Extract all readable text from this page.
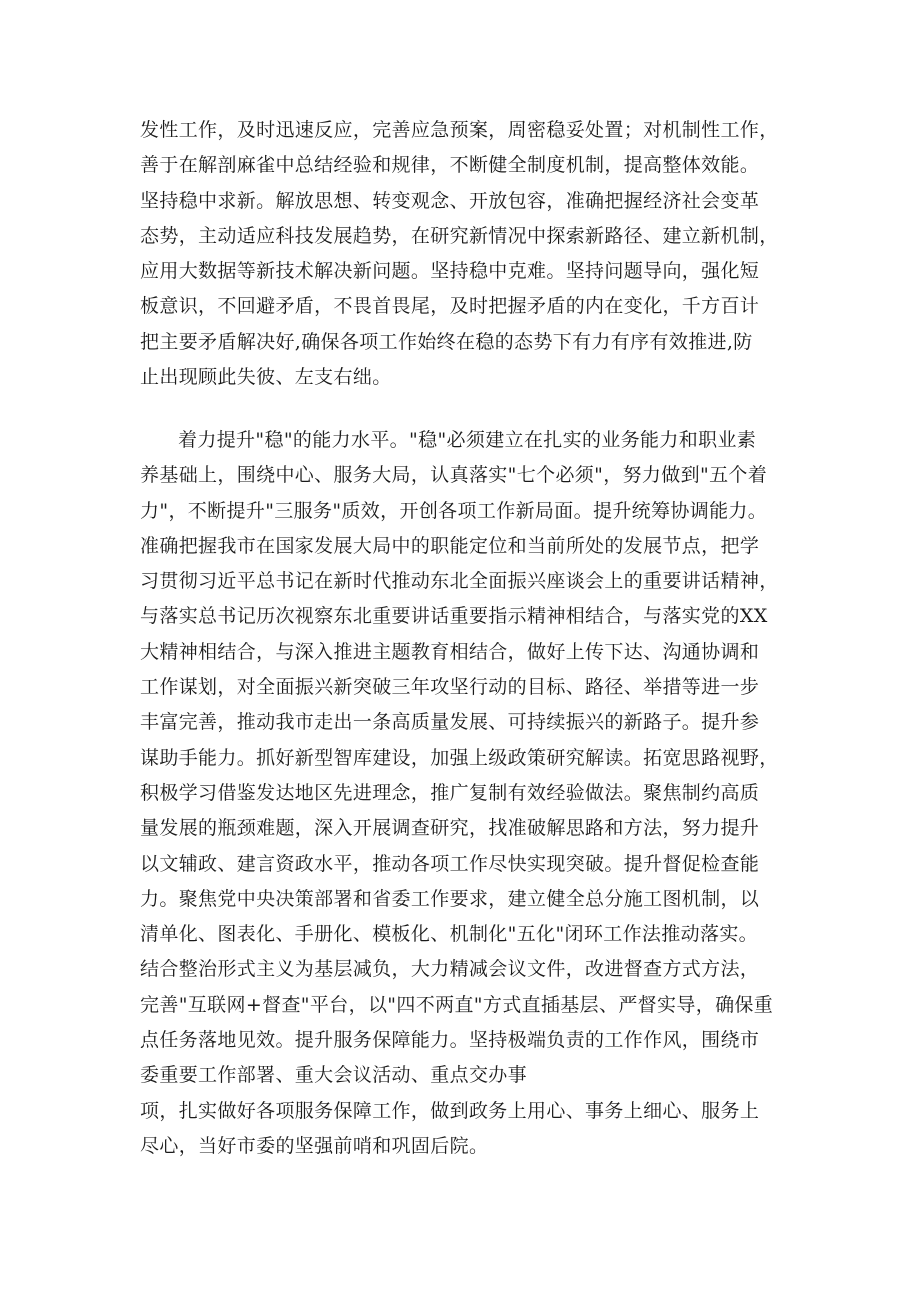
发性工作，及时迅速反应，完善应急预案，周密稳妥处置；对机制性工作，
善于在解剖麻雀中总结经验和规律，不断健全制度机制，提高整体效能。
坚持稳中求新。解放思想、转变观念、开放包容，准确把握经济社会变革
态势，主动适应科技发展趋势，在研究新情况中探索新路径、建立新机制，
应用大数据等新技术解决新问题。坚持稳中克难。坚持问题导向，强化短
板意识，不回避矛盾，不畏首畏尾，及时把握矛盾的内在变化，千方百计
把主要矛盾解决好,确保各项工作始终在稳的态势下有力有序有效推进,防
止出现顾此失彼、左支右绌。
着力提升"稳"的能力水平。"稳"必须建立在扎实的业务能力和职业素
养基础上，围绕中心、服务大局，认真落实"七个必须"，努力做到"五个着
力"，不断提升"三服务"质效，开创各项工作新局面。提升统筹协调能力。
准确把握我市在国家发展大局中的职能定位和当前所处的发展节点，把学
习贯彻习近平总书记在新时代推动东北全面振兴座谈会上的重要讲话精神，
与落实总书记历次视察东北重要讲话重要指示精神相结合，与落实党的XX
大精神相结合，与深入推进主题教育相结合，做好上传下达、沟通协调和
工作谋划，对全面振兴新突破三年攻坚行动的目标、路径、举措等进一步
丰富完善，推动我市走出一条高质量发展、可持续振兴的新路子。提升参
谋助手能力。抓好新型智库建设，加强上级政策研究解读。拓宽思路视野，
积极学习借鉴发达地区先进理念，推广复制有效经验做法。聚焦制约高质
量发展的瓶颈难题，深入开展调查研究，找准破解思路和方法，努力提升
以文辅政、建言资政水平，推动各项工作尽快实现突破。提升督促检查能
力。聚焦党中央决策部署和省委工作要求，建立健全总分施工图机制，以
清单化、图表化、手册化、模板化、机制化"五化"闭环工作法推动落实。
结合整治形式主义为基层减负，大力精减会议文件，改进督查方式方法，
完善"互联网+督查"平台，以"四不两直"方式直插基层、严督实导，确保重
点任务落地见效。提升服务保障能力。坚持极端负责的工作作风，围绕市
委重要工作部署、重大会议活动、重点交办事
项，扎实做好各项服务保障工作，做到政务上用心、事务上细心、服务上
尽心，当好市委的坚强前哨和巩固后院。
